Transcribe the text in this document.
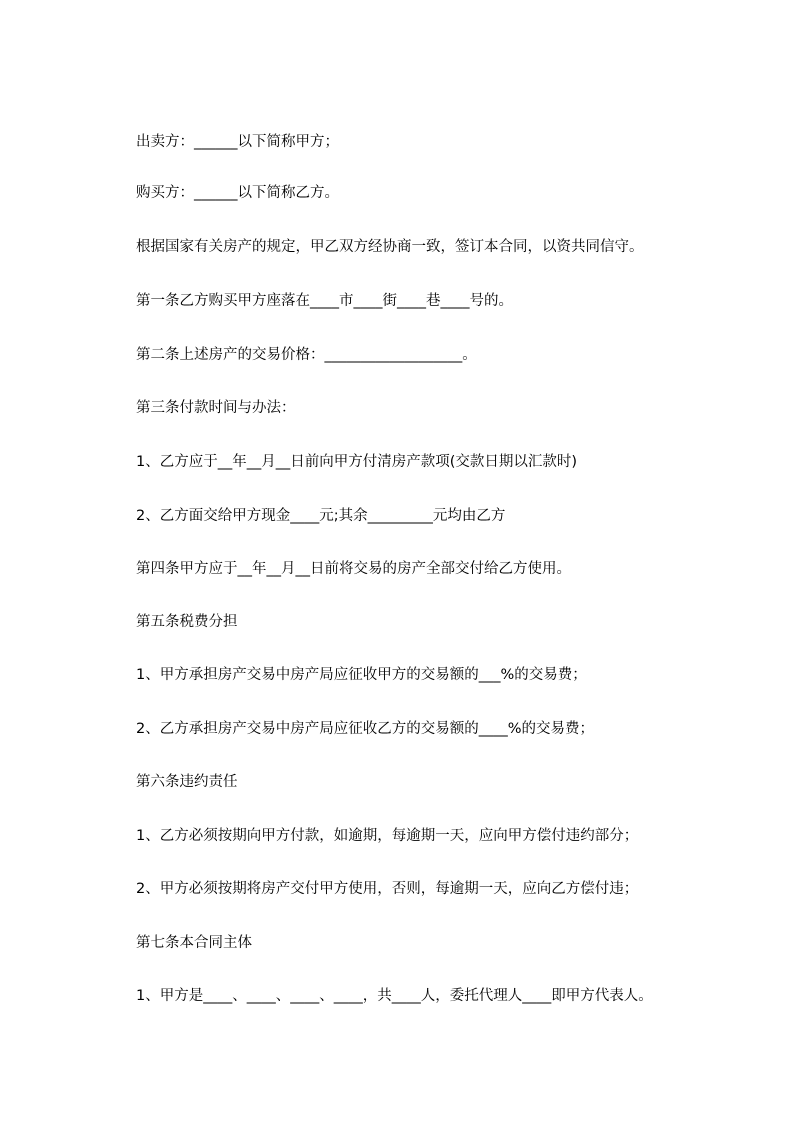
出卖方：______以下简称甲方；

购买方：______以下简称乙方。

根据国家有关房产的规定，甲乙双方经协商一致，签订本合同，以资共同信守。

第一条乙方购买甲方座落在____市____街____巷____号的。

第二条上述房产的交易价格：___________________。

第三条付款时间与办法：

1、乙方应于__年__月__日前向甲方付清房产款项(交款日期以汇款时)

2、乙方面交给甲方现金____元;其余_________元均由乙方

第四条甲方应于__年__月__日前将交易的房产全部交付给乙方使用。

第五条税费分担

1、甲方承担房产交易中房产局应征收甲方的交易额的___%的交易费；

2、乙方承担房产交易中房产局应征收乙方的交易额的____%的交易费；

第六条违约责任

1、乙方必须按期向甲方付款，如逾期，每逾期一天，应向甲方偿付违约部分；

2、甲方必须按期将房产交付甲方使用，否则，每逾期一天，应向乙方偿付违；

第七条本合同主体

1、甲方是____、____、____、____，共____人，委托代理人____即甲方代表人。
